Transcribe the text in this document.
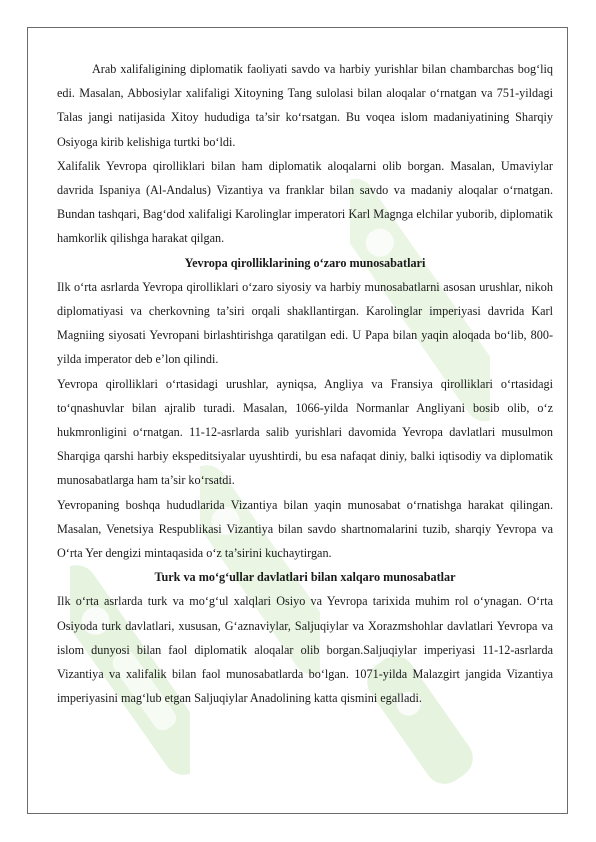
Arab xalifaligining diplomatik faoliyati savdo va harbiy yurishlar bilan chambarchas bog‘liq edi. Masalan, Abbosiylar xalifaligi Xitoyning Tang sulolasi bilan aloqalar o‘rnatgan va 751-yildagi Talas jangi natijasida Xitoy hududiga ta’sir ko‘rsatgan. Bu voqea islom madaniyatining Sharqiy Osiyoga kirib kelishiga turtki bo‘ldi.

Xalifalik Yevropa qirolliklari bilan ham diplomatik aloqalarni olib borgan. Masalan, Umaviylar davrida Ispaniya (Al-Andalus) Vizantiya va franklar bilan savdo va madaniy aloqalar o‘rnatgan. Bundan tashqari, Bag‘dod xalifaligi Karolinglar imperatori Karl Magnga elchilar yuborib, diplomatik hamkorlik qilishga harakat qilgan.

Yevropa qirolliklarining o‘zaro munosabatlari

Ilk o‘rta asrlarda Yevropa qirolliklari o‘zaro siyosiy va harbiy munosabatlarni asosan urushlar, nikoh diplomatiyasi va cherkovning ta’siri orqali shakllantirgan. Karolinglar imperiyasi davrida Karl Magniing siyosati Yevropani birlashtirishga qaratilgan edi. U Papa bilan yaqin aloqada bo‘lib, 800-yilda imperator deb e’lon qilindi.

Yevropa qirolliklari o‘rtasidagi urushlar, ayniqsa, Angliya va Fransiya qirolliklari o‘rtasidagi to‘qnashuvlar bilan ajralib turadi. Masalan, 1066-yilda Normanlar Angliyani bosib olib, o‘z hukmronligini o‘rnatgan. 11-12-asrlarda salib yurishlari davomida Yevropa davlatlari musulmon Sharqiga qarshi harbiy ekspeditsiyalar uyushtirdi, bu esa nafaqat diniy, balki iqtisodiy va diplomatik munosabatlarga ham ta’sir ko‘rsatdi.

Yevropaning boshqa hududlarida Vizantiya bilan yaqin munosabat o‘rnatishga harakat qilingan. Masalan, Venetsiya Respublikasi Vizantiya bilan savdo shartnomalarini tuzib, sharqiy Yevropa va O‘rta Yer dengizi mintaqasida o‘z ta’sirini kuchaytirgan.

Turk va mo‘g‘ullar davlatlari bilan xalqaro munosabatlar

Ilk o‘rta asrlarda turk va mo‘g‘ul xalqlari Osiyo va Yevropa tarixida muhim rol o‘ynagan. O‘rta Osiyoda turk davlatlari, xususan, G‘aznaviylar, Saljuqiylar va Xorazmshohlar davlatlari Yevropa va islom dunyosi bilan faol diplomatik aloqalar olib borgan.Saljuqiylar imperiyasi 11-12-asrlarda Vizantiya va xalifalik bilan faol munosabatlarda bo‘lgan. 1071-yilda Malazgirt jangida Vizantiya imperiyasini mag‘lub etgan Saljuqiylar Anadolining katta qismini egalladi.
